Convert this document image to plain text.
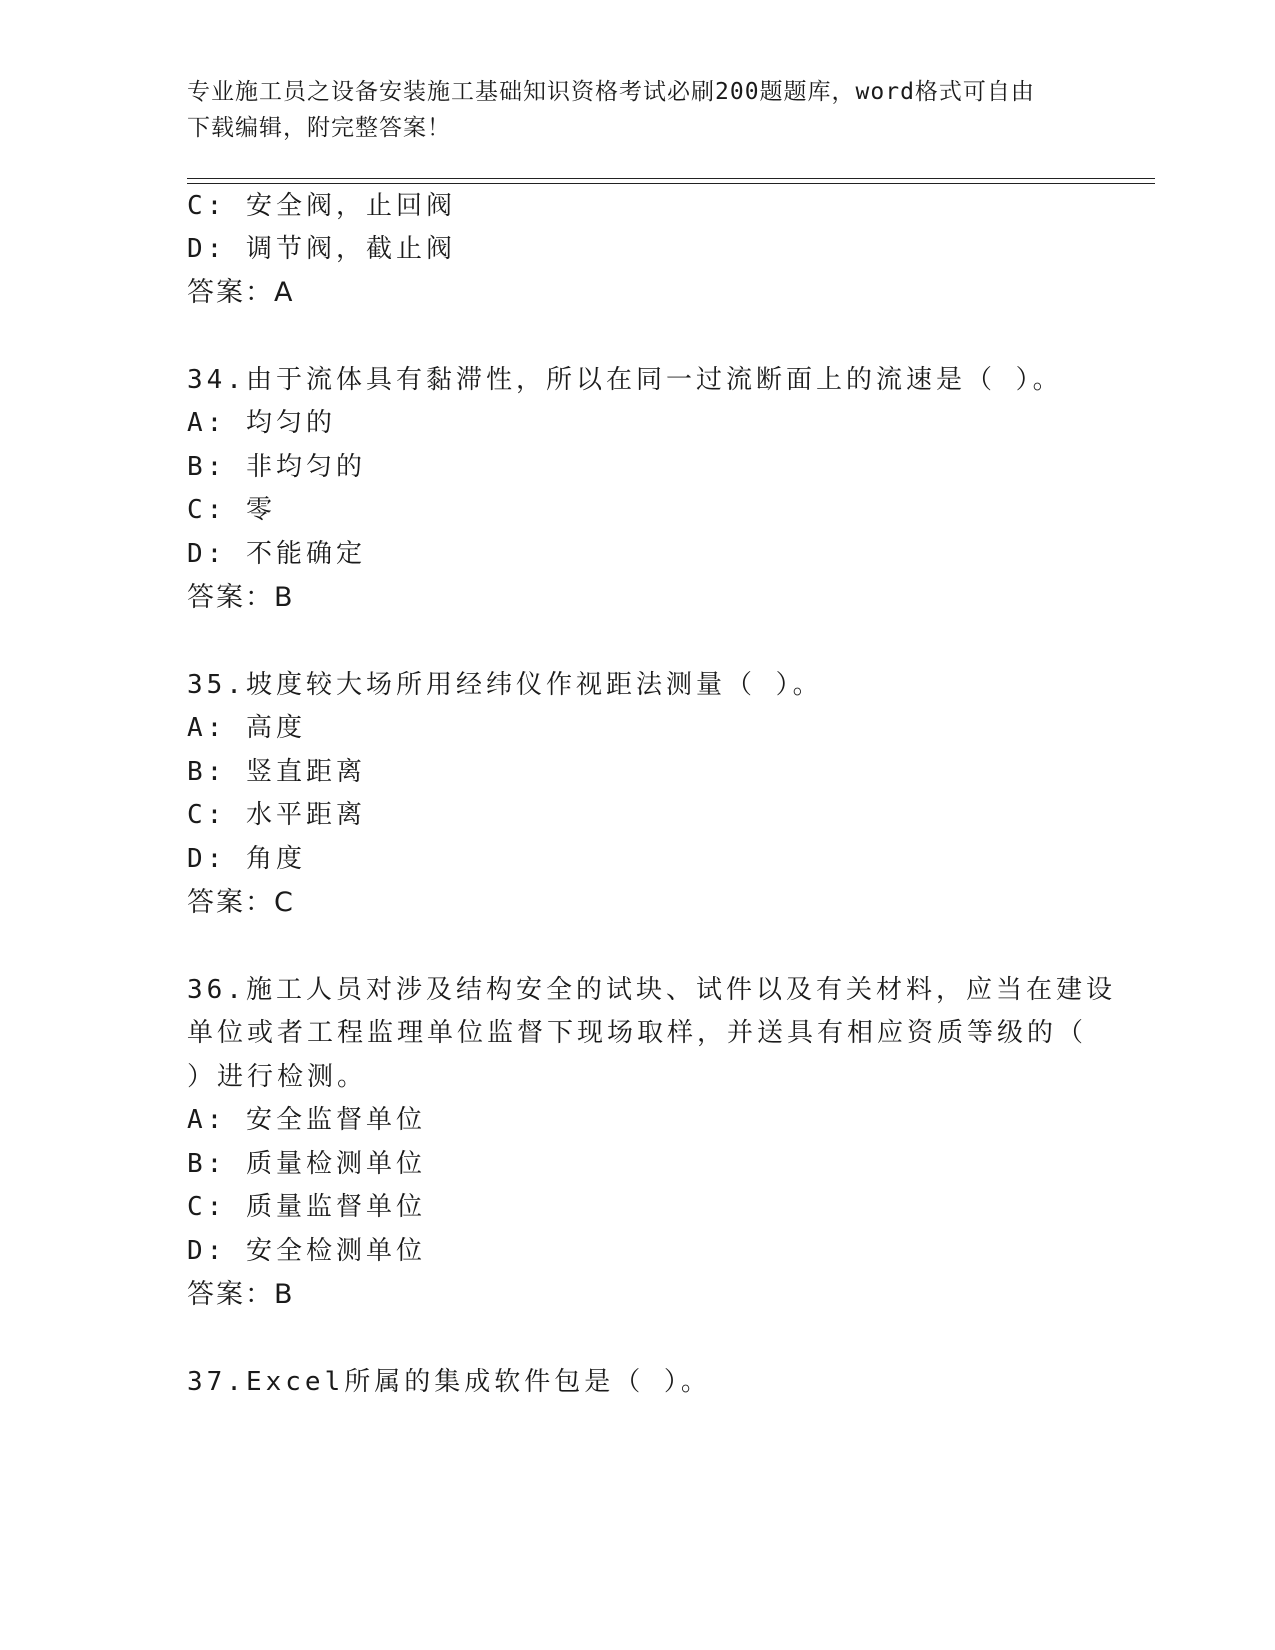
专业施工员之设备安装施工基础知识资格考试必刷200题题库，word格式可自由
下载编辑，附完整答案！
C: 安全阀，止回阀
D: 调节阀，截止阀
答案：A
34.由于流体具有黏滞性，所以在同一过流断面上的流速是（ ）。
A: 均匀的
B: 非均匀的
C: 零
D: 不能确定
答案：B
35.坡度较大场所用经纬仪作视距法测量（ ）。
A: 高度
B: 竖直距离
C: 水平距离
D: 角度
答案：C
36.施工人员对涉及结构安全的试块、试件以及有关材料，应当在建设
单位或者工程监理单位监督下现场取样，并送具有相应资质等级的（
）进行检测。
A: 安全监督单位
B: 质量检测单位
C: 质量监督单位
D: 安全检测单位
答案：B
37.Excel所属的集成软件包是（ ）。
